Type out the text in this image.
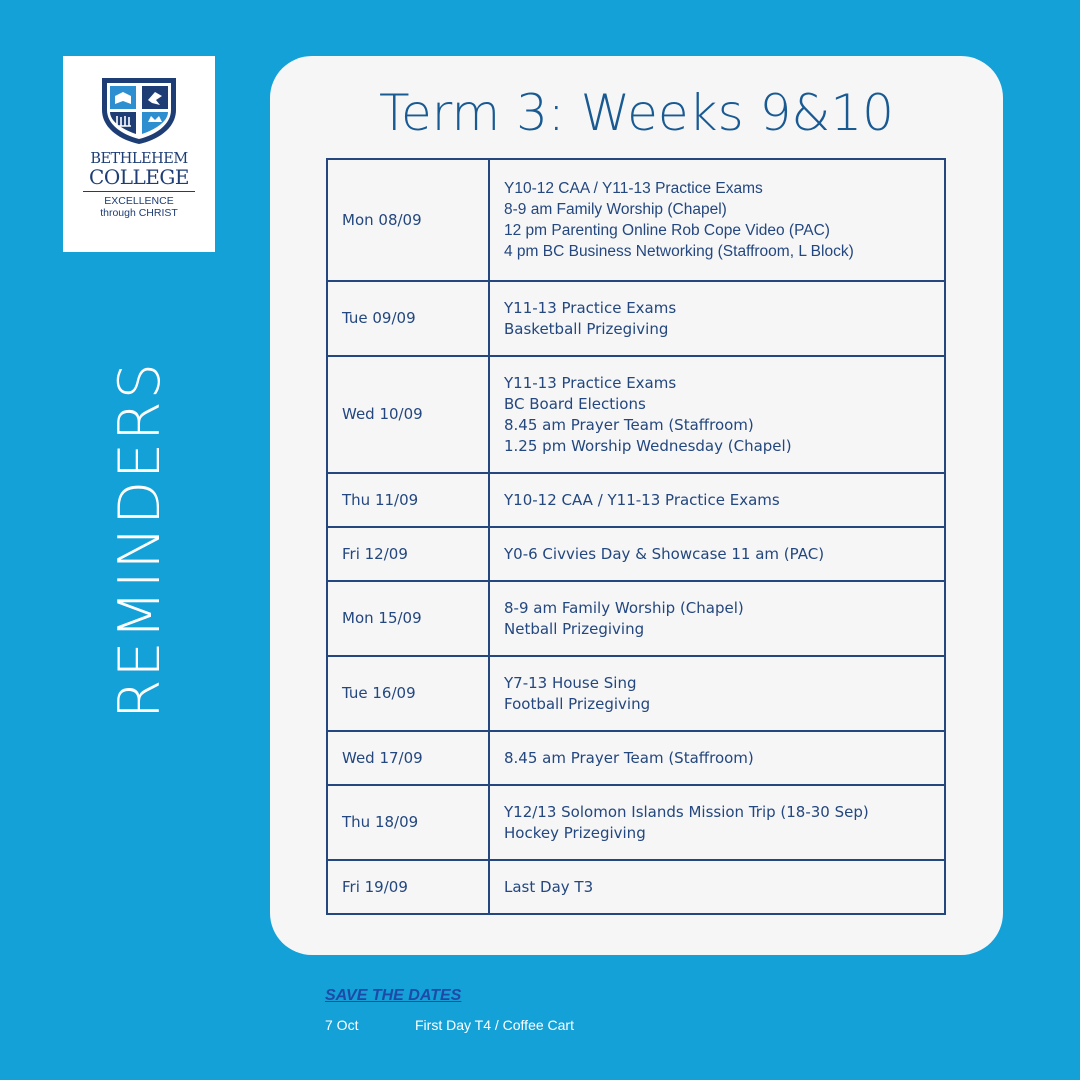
BETHLEHEM
COLLEGE
EXCELLENCE
through CHRIST
REMINDERS
Term 3: Weeks 9&10
Mon 08/09	Y10-12 CAA / Y11-13 Practice Exams
8-9 am Family Worship (Chapel)
12 pm Parenting Online Rob Cope Video (PAC)
4 pm BC Business Networking (Staffroom, L Block)

Tue 09/09	Y11-13 Practice Exams
Basketball Prizegiving

Wed 10/09	Y11-13 Practice Exams
BC Board Elections
8.45 am Prayer Team (Staffroom)
1.25 pm Worship Wednesday (Chapel)

Thu 11/09	Y10-12 CAA / Y11-13 Practice Exams

Fri 12/09	Y0-6 Civvies Day & Showcase 11 am (PAC)

Mon 15/09	8-9 am Family Worship (Chapel)
Netball Prizegiving

Tue 16/09	Y7-13 House Sing
Football Prizegiving

Wed 17/09	8.45 am Prayer Team (Staffroom)

Thu 18/09	Y12/13 Solomon Islands Mission Trip (18-30 Sep)
Hockey Prizegiving

Fri 19/09	Last Day T3
SAVE THE DATES
7 Oct	First Day T4 / Coffee Cart
